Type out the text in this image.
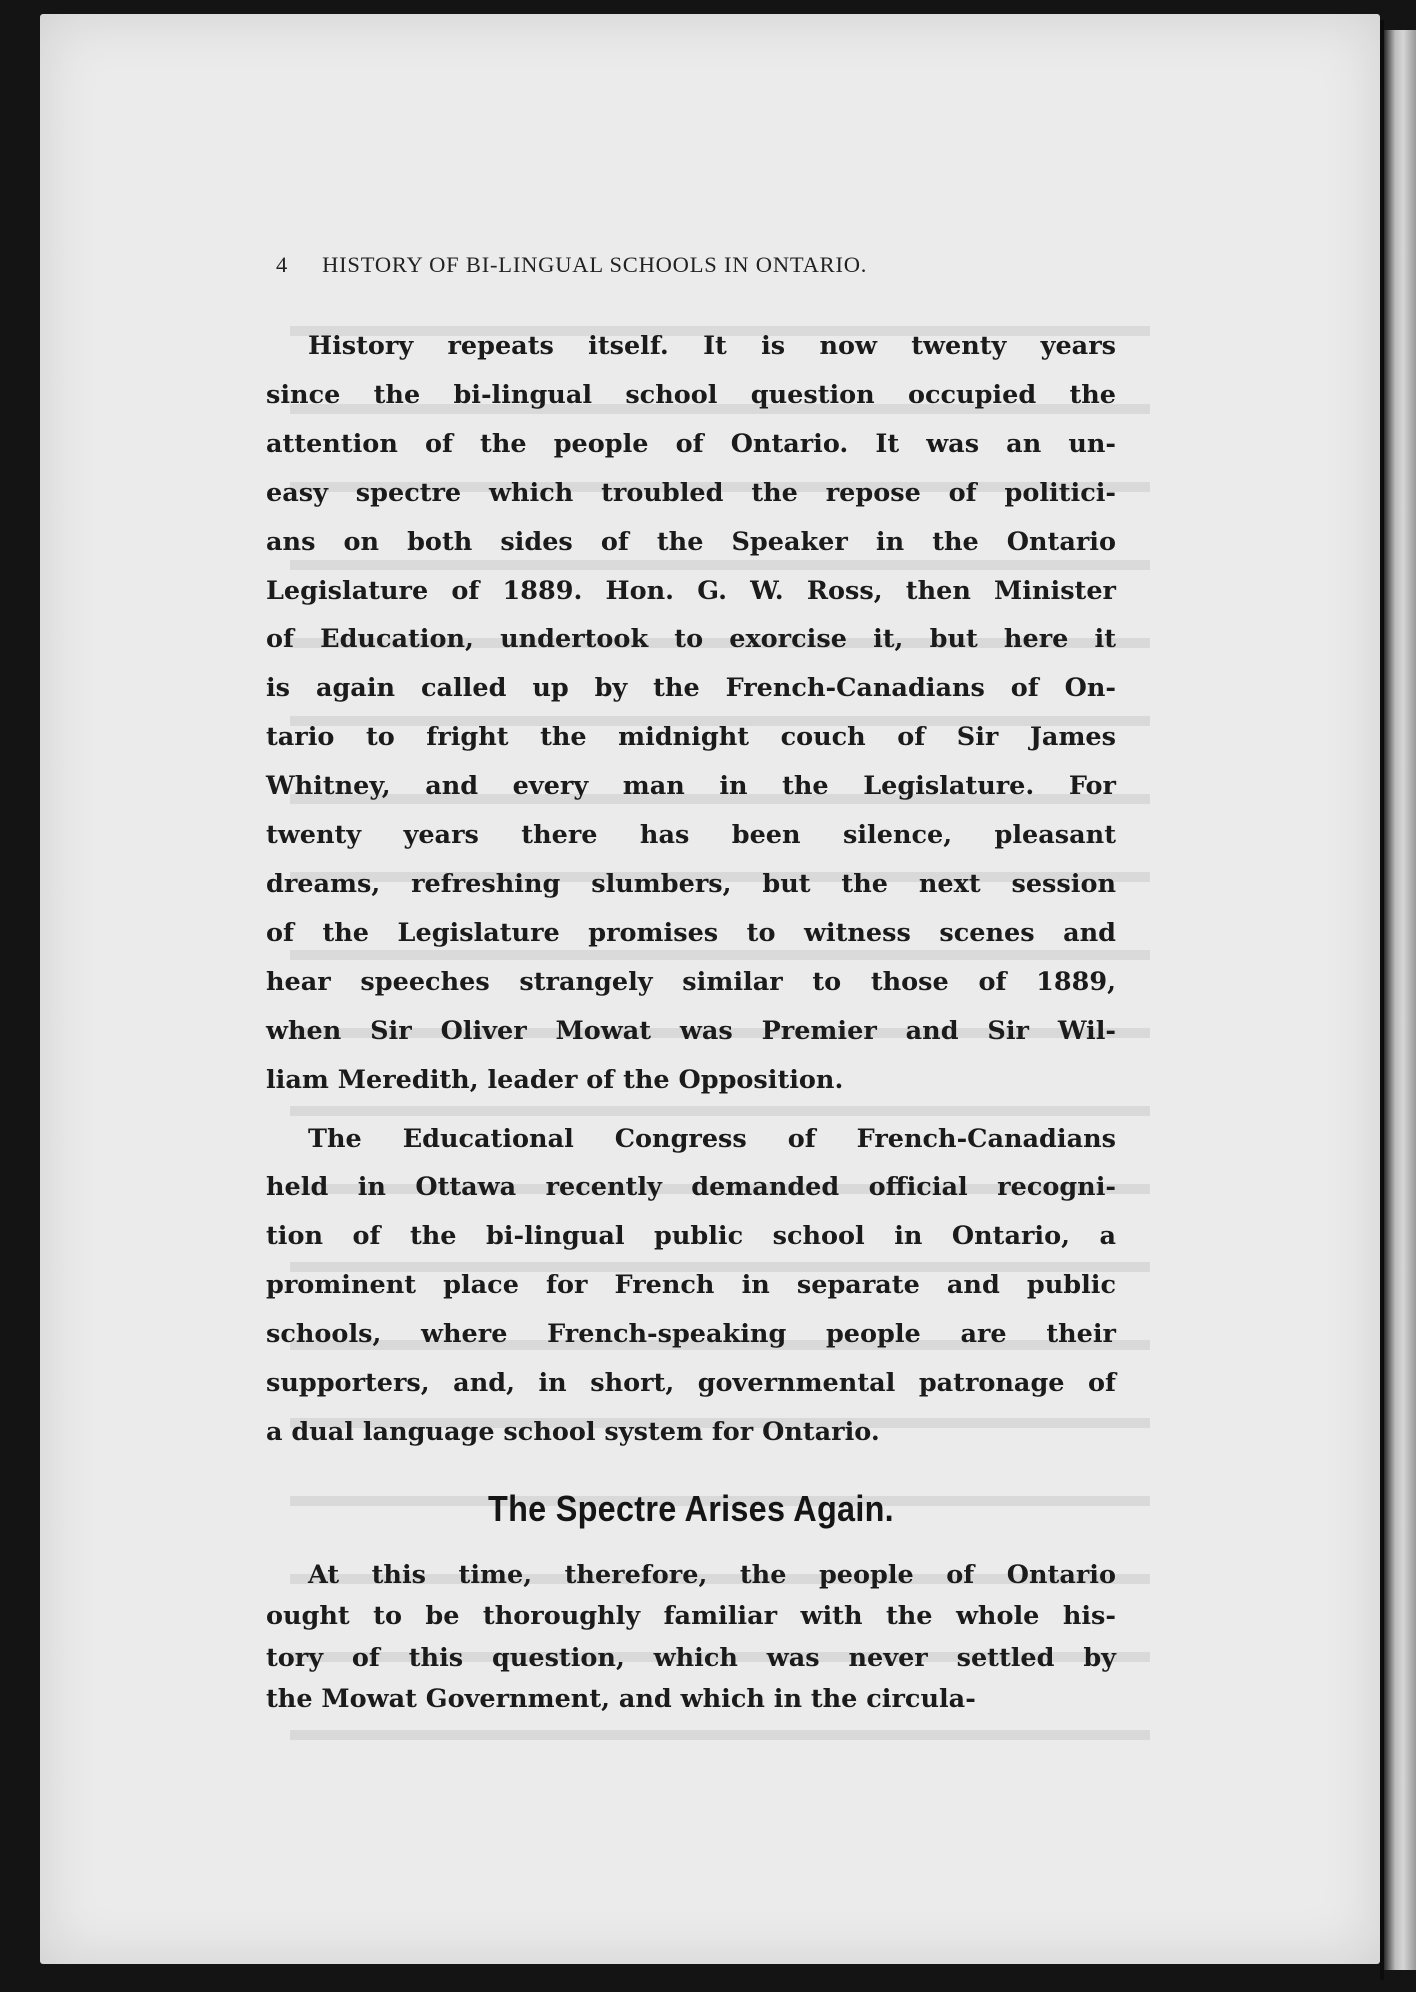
4 HISTORY OF BI-LINGUAL SCHOOLS IN ONTARIO.
History repeats itself. It is now twenty years
since the bi-lingual school question occupied the
attention of the people of Ontario. It was an un-
easy spectre which troubled the repose of politici-
ans on both sides of the Speaker in the Ontario
Legislature of 1889. Hon. G. W. Ross, then Minister
of Education, undertook to exorcise it, but here it
is again called up by the French-Canadians of On-
tario to fright the midnight couch of Sir James
Whitney, and every man in the Legislature. For
twenty years there has been silence, pleasant
dreams, refreshing slumbers, but the next session
of the Legislature promises to witness scenes and
hear speeches strangely similar to those of 1889,
when Sir Oliver Mowat was Premier and Sir Wil-
liam Meredith, leader of the Opposition.
The Educational Congress of French-Canadians
held in Ottawa recently demanded official recogni-
tion of the bi-lingual public school in Ontario, a
prominent place for French in separate and public
schools, where French-speaking people are their
supporters, and, in short, governmental patronage of
a dual language school system for Ontario.
The Spectre Arises Again.
At this time, therefore, the people of Ontario
ought to be thoroughly familiar with the whole his-
tory of this question, which was never settled by
the Mowat Government, and which in the circula-
